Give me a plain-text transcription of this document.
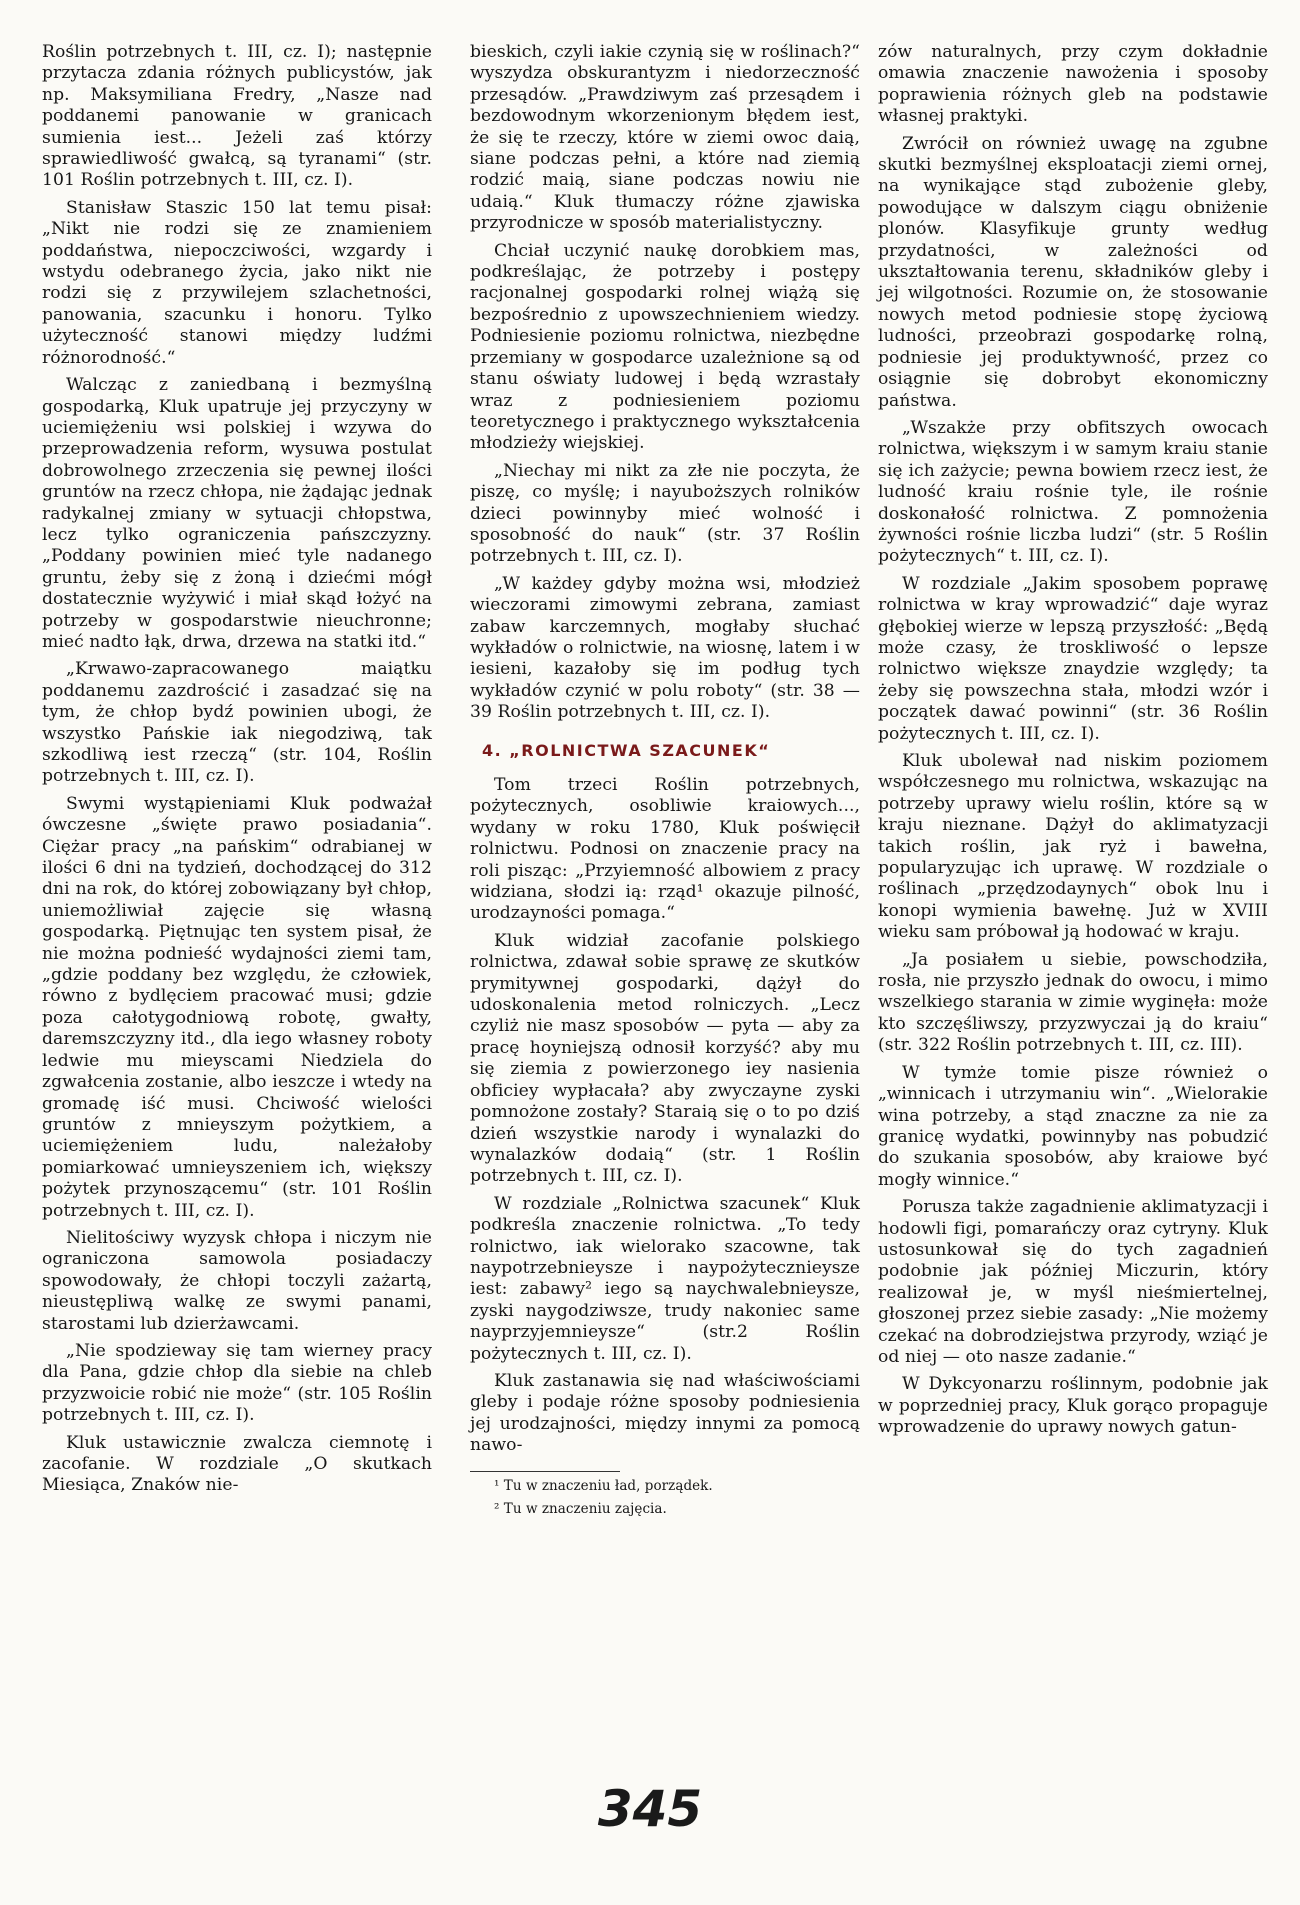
Roślin potrzebnych t. III, cz. I); następnie przytacza zdania różnych publicystów, jak np. Maksymiliana Fredry, „Nasze nad poddanemi panowanie w granicach sumienia iest... Jeżeli zaś którzy sprawiedliwość gwałcą, są tyranami“ (str. 101 Roślin potrzebnych t. III, cz. I).

Stanisław Staszic 150 lat temu pisał: „Nikt nie rodzi się ze znamieniem poddaństwa, niepoczciwości, wzgardy i wstydu odebranego życia, jako nikt nie rodzi się z przywilejem szlachetności, panowania, szacunku i honoru. Tylko użyteczność stanowi między ludźmi różnorodność.“

Walcząc z zaniedbaną i bezmyślną gospodarką, Kluk upatruje jej przyczyny w uciemiężeniu wsi polskiej i wzywa do przeprowadzenia reform, wysuwa postulat dobrowolnego zrzeczenia się pewnej ilości gruntów na rzecz chłopa, nie żądając jednak radykalnej zmiany w sytuacji chłopstwa, lecz tylko ograniczenia pańszczyzny. „Poddany powinien mieć tyle nadanego gruntu, żeby się z żoną i dziećmi mógł dostatecznie wyżywić i miał skąd łożyć na potrzeby w gospodarstwie nieuchronne; mieć nadto łąk, drwa, drzewa na statki itd.“

„Krwawo-zapracowanego maiątku poddanemu zazdrościć i zasadzać się na tym, że chłop bydź powinien ubogi, że wszystko Pańskie iak niegodziwą, tak szkodliwą iest rzeczą“ (str. 104, Roślin potrzebnych t. III, cz. I).

Swymi wystąpieniami Kluk podważał ówczesne „święte prawo posiadania“. Ciężar pracy „na pańskim“ odrabianej w ilości 6 dni na tydzień, dochodzącej do 312 dni na rok, do której zobowiązany był chłop, uniemożliwiał zajęcie się własną gospodarką. Piętnując ten system pisał, że nie można podnieść wydajności ziemi tam, „gdzie poddany bez względu, że człowiek, równo z bydlęciem pracować musi; gdzie poza całotygodniową robotę, gwałty, daremszczyzny itd., dla iego własney roboty ledwie mu mieyscami Niedziela do zgwałcenia zostanie, albo ieszcze i wtedy na gromadę iść musi. Chciwość wielości gruntów z mnieyszym pożytkiem, a uciemiężeniem ludu, należałoby pomiarkować umnieyszeniem ich, większy pożytek przynoszącemu“ (str. 101 Roślin potrzebnych t. III, cz. I).

Nielitościwy wyzysk chłopa i niczym nie ograniczona samowola posiadaczy spowodowały, że chłopi toczyli zażartą, nieustępliwą walkę ze swymi panami, starostami lub dzierżawcami.

„Nie spodziewaу się tam wierney pracy dla Pana, gdzie chłop dla siebie na chleb przyzwoicie robić nie może“ (str. 105 Roślin potrzebnych t. III, cz. I).

Kluk ustawicznie zwalcza ciemnotę i zacofanie. W rozdziale „O skutkach Miesiąca, Znaków nie-

bieskich, czyli iakie czynią się w roślinach?“ wyszydza obskurantyzm i niedorzeczność przesądów. „Prawdziwym zaś przesądem i bezdowodnym wkorzenionym błędem iest, że się te rzeczy, które w ziemi owoc daią, siane podczas pełni, a które nad ziemią rodzić maią, siane podczas nowiu nie udaią.“ Kluk tłumaczy różne zjawiska przyrodnicze w sposób materialistyczny.

Chciał uczynić naukę dorobkiem mas, podkreślając, że potrzeby i postępy racjonalnej gospodarki rolnej wiążą się bezpośrednio z upowszechnieniem wiedzy. Podniesienie poziomu rolnictwa, niezbędne przemiany w gospodarce uzależnione są od stanu oświaty ludowej i będą wzrastały wraz z podniesieniem poziomu teoretycznego i praktycznego wykształcenia młodzieży wiejskiej.

„Niechay mi nikt za złe nie poczyta, że piszę, co myślę; i nayuboższych rolników dzieci powinnyby mieć wolność i sposobność do nauk“ (str. 37 Roślin potrzebnych t. III, cz. I).

„W każdey gdyby można wsi, młodzież wieczorami zimowymi zebrana, zamiast zabaw karczemnych, mogłaby słuchać wykładów o rolnictwie, na wiosnę, latem i w iesieni, kazałoby się im podług tych wykładów czynić w polu roboty“ (str. 38 — 39 Roślin potrzebnych t. III, cz. I).

4. „ROLNICTWA SZACUNEK“

Tom trzeci Roślin potrzebnych, pożytecznych, osobliwie kraiowych..., wydany w roku 1780, Kluk poświęcił rolnictwu. Podnosi on znaczenie pracy na roli pisząc: „Przyiemność albowiem z pracy widziana, słodzi ią: rząd¹ okazuje pilność, urodzayności pomaga.“

Kluk widział zacofanie polskiego rolnictwa, zdawał sobie sprawę ze skutków prymitywnej gospodarki, dążył do udoskonalenia metod rolniczych. „Lecz czyliż nie masz sposobów — pyta — aby za pracę hoyniejszą odnosił korzyść? aby mu się ziemia z powierzonego iey nasienia obficiey wypłacała? aby zwyczayne zyski pomnożone zostały? Staraią się o to po dziś dzień wszystkie narody i wynalazki do wynalazków dodaią“ (str. 1 Roślin potrzebnych t. III, cz. I).

W rozdziale „Rolnictwa szacunek“ Kluk podkreśla znaczenie rolnictwa. „To tedy rolnictwo, iak wielorako szacowne, tak naypotrzebnieysze i naypożytecznieysze iest: zabawy² iego są naychwalebnieysze, zyski naygodziwsze, trudy nakoniec same nayprzyjemnieysze“ (str.2 Roślin pożytecznych t. III, cz. I).

Kluk zastanawia się nad właściwościami gleby i podaje różne sposoby podniesienia jej urodzajności, między innymi za pomocą nawo-

¹ Tu w znaczeniu ład, porządek.

² Tu w znaczeniu zajęcia.

zów naturalnych, przy czym dokładnie omawia znaczenie nawożenia i sposoby poprawienia różnych gleb na podstawie własnej praktyki.

Zwrócił on również uwagę na zgubne skutki bezmyślnej eksploatacji ziemi ornej, na wynikające stąd zubożenie gleby, powodujące w dalszym ciągu obniżenie plonów. Klasyfikuje grunty według przydatności, w zależności od ukształtowania terenu, składników gleby i jej wilgotności. Rozumie on, że stosowanie nowych metod podniesie stopę życiową ludności, przeobrazi gospodarkę rolną, podniesie jej produktywność, przez co osiągnie się dobrobyt ekonomiczny państwa.

„Wszakże przy obfitszych owocach rolnictwa, większym i w samym kraiu stanie się ich zażycie; pewna bowiem rzecz iest, że ludność kraiu rośnie tyle, ile rośnie doskonałość rolnictwa. Z pomnożenia żywności rośnie liczba ludzi“ (str. 5 Roślin pożytecznych“ t. III, cz. I).

W rozdziale „Jakim sposobem poprawę rolnictwa w kray wprowadzić“ daje wyraz głębokiej wierze w lepszą przyszłość: „Będą może czasy, że troskliwość o lepsze rolnictwo większe znaydzie względy; ta żeby się powszechna stała, młodzi wzór i początek dawać powinni“ (str. 36 Roślin pożytecznych t. III, cz. I).

Kluk ubolewał nad niskim poziomem współczesnego mu rolnictwa, wskazując na potrzeby uprawy wielu roślin, które są w kraju nieznane. Dążył do aklimatyzacji takich roślin, jak ryż i bawełna, popularyzując ich uprawę. W rozdziale o roślinach „przędzodaynych“ obok lnu i konopi wymienia bawełnę. Już w XVIII wieku sam próbował ją hodować w kraju.

„Ja posiałem u siebie, powschodziła, rosła, nie przyszło jednak do owocu, i mimo wszelkiego starania w zimie wyginęła: może kto szczęśliwszy, przyzwyczai ją do kraiu“ (str. 322 Roślin potrzebnych t. III, cz. III).

W tymże tomie pisze również o „winnicach i utrzymaniu win“. „Wielorakie wina potrzeby, a stąd znaczne za nie za granicę wydatki, powinnyby nas pobudzić do szukania sposobów, aby kraiowe być mogły winnice.“

Porusza także zagadnienie aklimatyzacji i hodowli figi, pomarańczy oraz cytryny. Kluk ustosunkował się do tych zagadnień podobnie jak później Miczurin, który realizował je, w myśl nieśmiertelnej, głoszonej przez siebie zasady: „Nie możemy czekać na dobrodziejstwa przyrody, wziąć je od niej — oto nasze zadanie.“

W Dykcyonarzu roślinnym, podobnie jak w poprzedniej pracy, Kluk gorąco propaguje wprowadzenie do uprawy nowych gatun-

345
